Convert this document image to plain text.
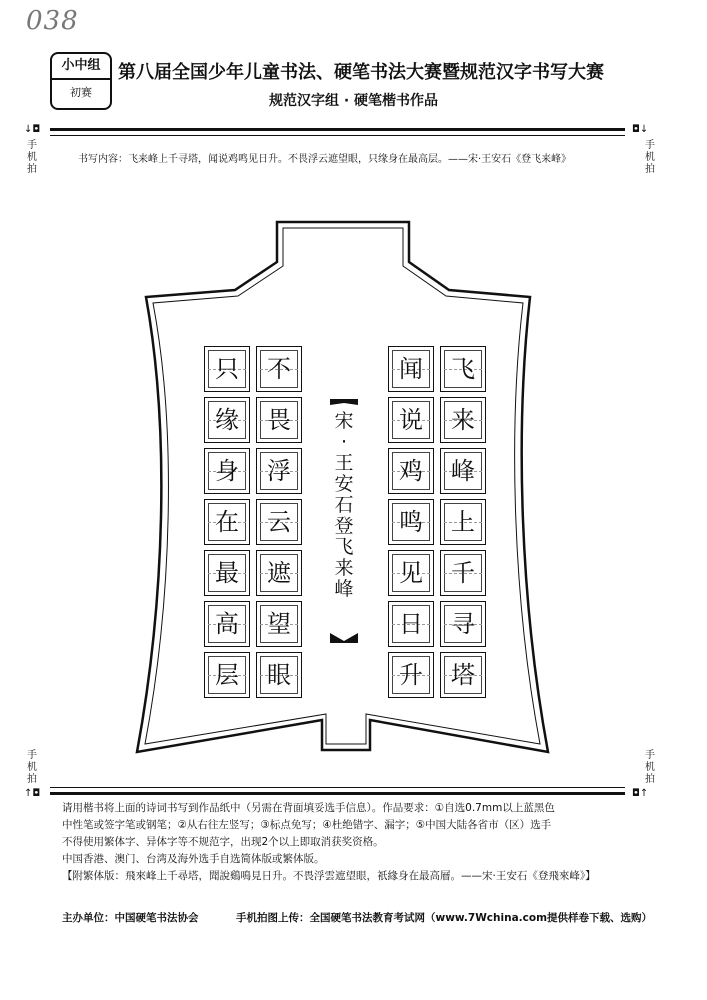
038
小中组
初赛
第八届全国少年儿童书法、硬笔书法大赛暨规范汉字书写大赛
规范汉字组 · 硬笔楷书作品
↓◘	◘↓
手
机
拍
手
机
拍
书写内容：飞来峰上千寻塔，闻说鸡鸣见日升。不畏浮云遮望眼，只缘身在最高层。——宋·王安石《登飞来峰》
飞
来
峰
上
千
寻
塔
闻
说
鸡
鸣
见
日
升
不
畏
浮
云
遮
望
眼
只
缘
身
在
最
高
层
宋
·
王
安
石
登
飞
来
峰
手
机
拍
手
机
拍
↑◘	◘↑
请用楷书将上面的诗词书写到作品纸中（另需在背面填妥选手信息）。作品要求：①自选0.7mm以上蓝黑色
中性笔或签字笔或钢笔；②从右往左竖写；③标点免写；④杜绝错字、漏字；⑤中国大陆各省市（区）选手
不得使用繁体字、异体字等不规范字，出现2个以上即取消获奖资格。
中国香港、澳门、台湾及海外选手自选简体版或繁体版。
【附繁体版：飛來峰上千尋塔，聞說鷄鳴見日升。不畏浮雲遮望眼，祇緣身在最高層。——宋·王安石《登飛來峰》】
主办单位：中国硬笔书法协会	手机拍图上传：全国硬笔书法教育考试网（www.7Wchina.com提供样卷下载、选购）
